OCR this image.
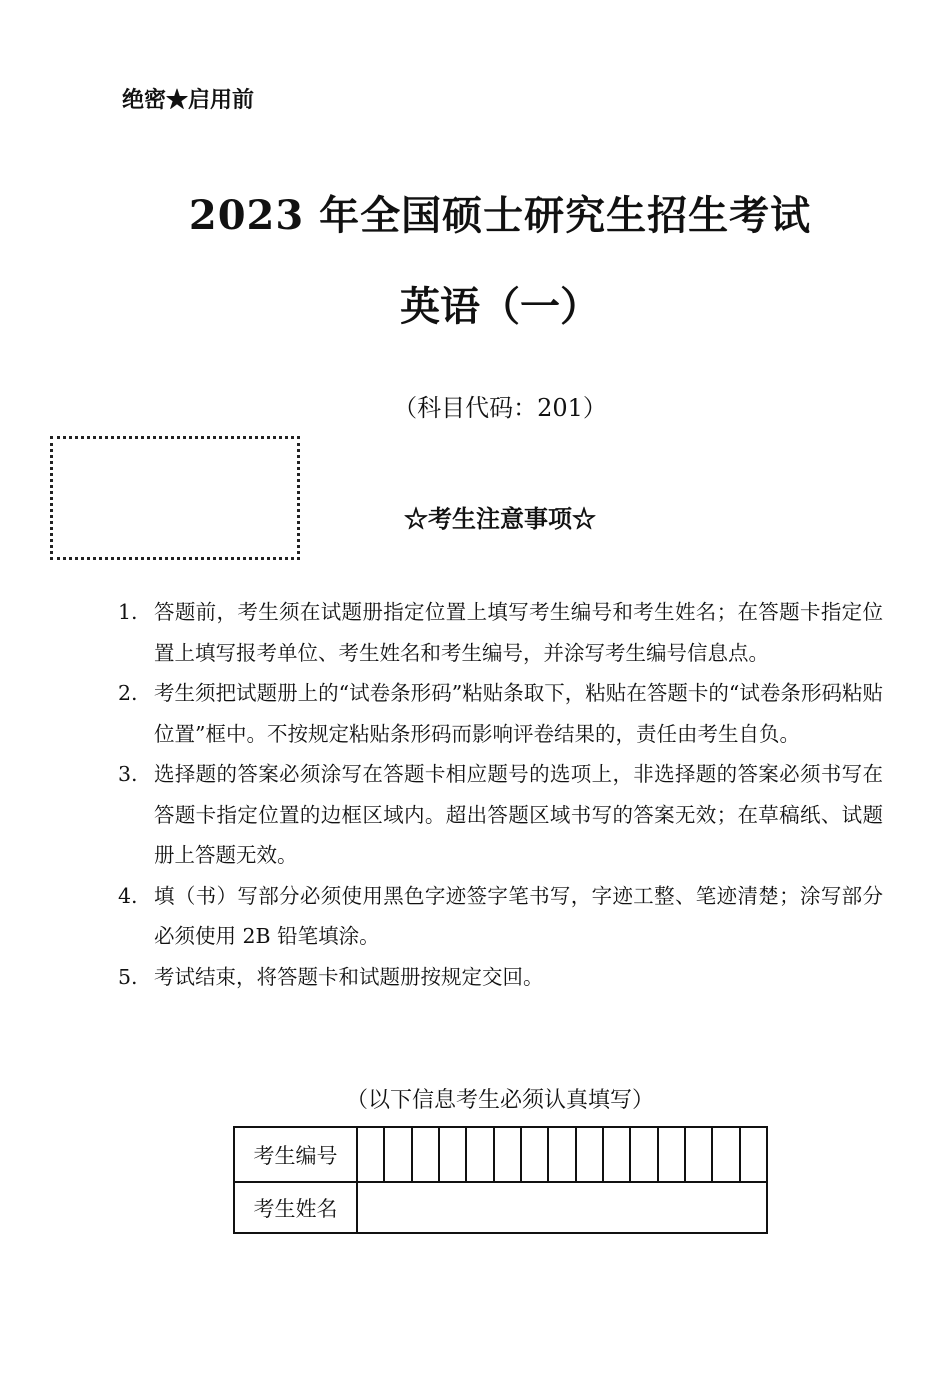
绝密★启用前
2023 年全国硕士研究生招生考试
英语（一）
（科目代码：201）
☆考生注意事项☆
1. 答题前，考生须在试题册指定位置上填写考生编号和考生姓名；在答题卡指定位置上填写报考单位、考生姓名和考生编号，并涂写考生编号信息点。
2. 考生须把试题册上的“试卷条形码”粘贴条取下，粘贴在答题卡的“试卷条形码粘贴位置”框中。不按规定粘贴条形码而影响评卷结果的，责任由考生自负。
3. 选择题的答案必须涂写在答题卡相应题号的选项上，非选择题的答案必须书写在答题卡指定位置的边框区域内。超出答题区域书写的答案无效；在草稿纸、试题册上答题无效。
4. 填（书）写部分必须使用黑色字迹签字笔书写，字迹工整、笔迹清楚；涂写部分必须使用 2B 铅笔填涂。
5. 考试结束，将答题卡和试题册按规定交回。
（以下信息考生必须认真填写）
考生编号	

考生姓名	
